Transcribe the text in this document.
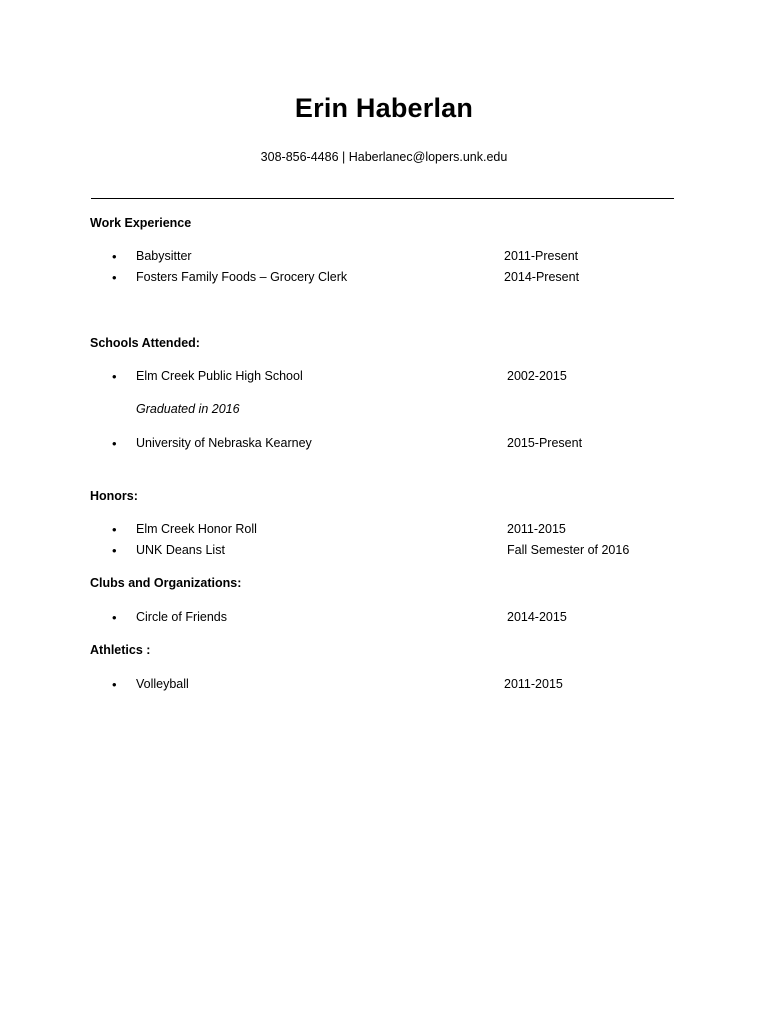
Erin Haberlan
308-856-4486 | Haberlanec@lopers.unk.edu
Work Experience
• Babysitter	2011-Present
• Fosters Family Foods – Grocery Clerk	2014-Present
Schools Attended:
• Elm Creek Public High School	2002-2015
Graduated in 2016
• University of Nebraska Kearney	2015-Present
Honors:
• Elm Creek Honor Roll	2011-2015
• UNK Deans List	Fall Semester of 2016
Clubs and Organizations:
• Circle of Friends	2014-2015
Athletics :
• Volleyball	2011-2015
